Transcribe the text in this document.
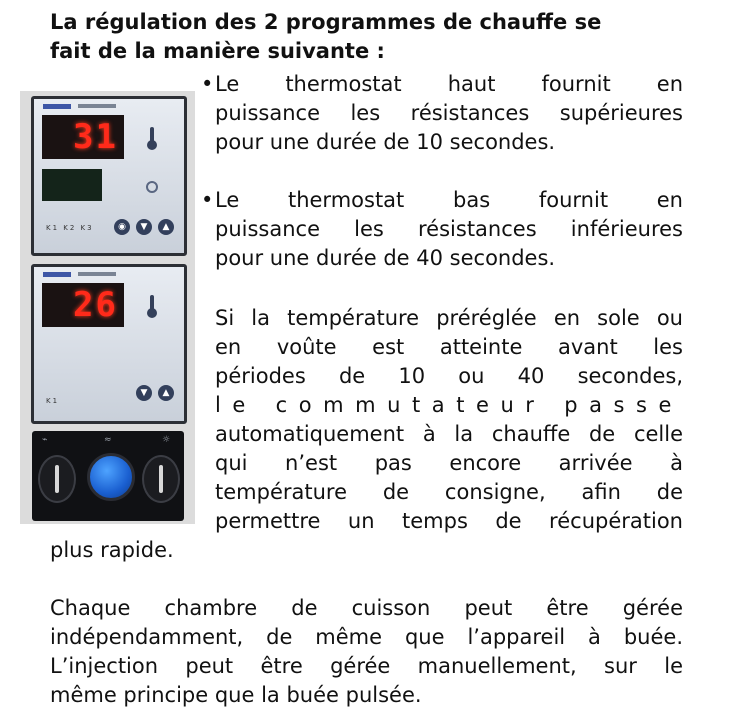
La régulation des 2 programmes de chauffe se
fait de la manière suivante :
•Le thermostat haut fournit en
puissance les résistances supérieures
pour une durée de 10 secondes.
•Le thermostat bas fournit en
puissance les résistances inférieures
pour une durée de 40 secondes.
Si la température préréglée en sole ou
en voûte est atteinte avant les
périodes de 10 ou 40 secondes,
le commutateur passe
automatiquement à la chauffe de celle
qui n’est pas encore arrivée à
température de consigne, afin de
permettre un temps de récupération
plus rapide.
Chaque chambre de cuisson peut être gérée
indépendamment, de même que l’appareil à buée.
L’injection peut être gérée manuellement, sur le
même principe que la buée pulsée.
31
K1 K2 K3	◉	▼	▲
26
K1
▼	▲
⌁	≈	☼
